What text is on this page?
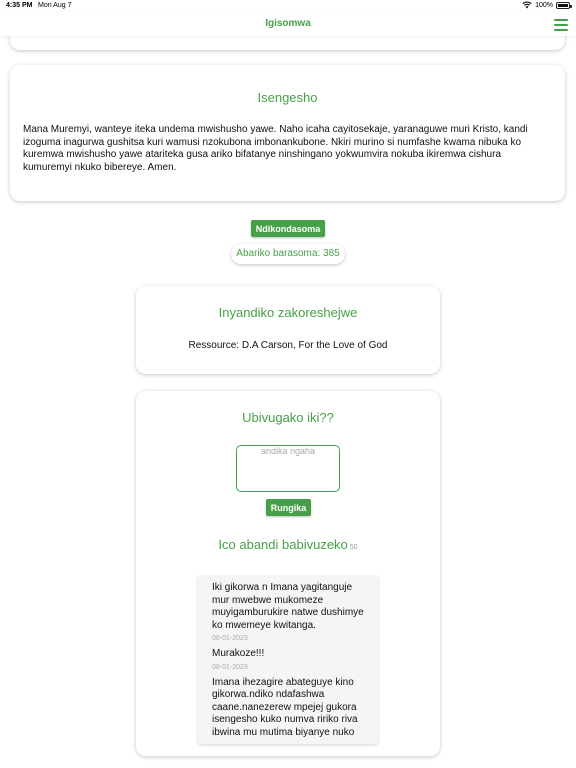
4:35 PM Mon Aug 7	100%
Igisomwa
Isengesho
Mana Muremyi, wanteye iteka undema mwishusho yawe. Naho icaha cayitosekaje, yaranaguwe muri Kristo, kandi izoguma inagurwa gushitsa kuri wamusi nzokubona imbonankubone. Nkiri murino si numfashe kwama nibuka ko kuremwa mwishusho yawe atariteka gusa ariko bifatanye ninshingano yokwumvira nokuba ikiremwa cishura kumuremyi nkuko bibereye. Amen.
Ndikondasoma
Abariko barasoma: 385
Inyandiko zakoreshejwe
Ressource: D.A Carson, For the Love of God
Ubivugako iki??
andika ngaha
Rungika
Ico abandi babivuzeko 50
Iki gikorwa n Imana yagitanguje mur mwebwe mukomeze muyigamburukire natwe dushimye ko mwemeye kwitanga.
08-01-2023
Murakoze!!!
08-01-2023
Imana ihezagire abateguye kino gikorwa.ndiko ndafashwa caane.nanezerew mpejej gukora isengesho kuko numva ririko riva ibwina mu mutima biyanye nuko
